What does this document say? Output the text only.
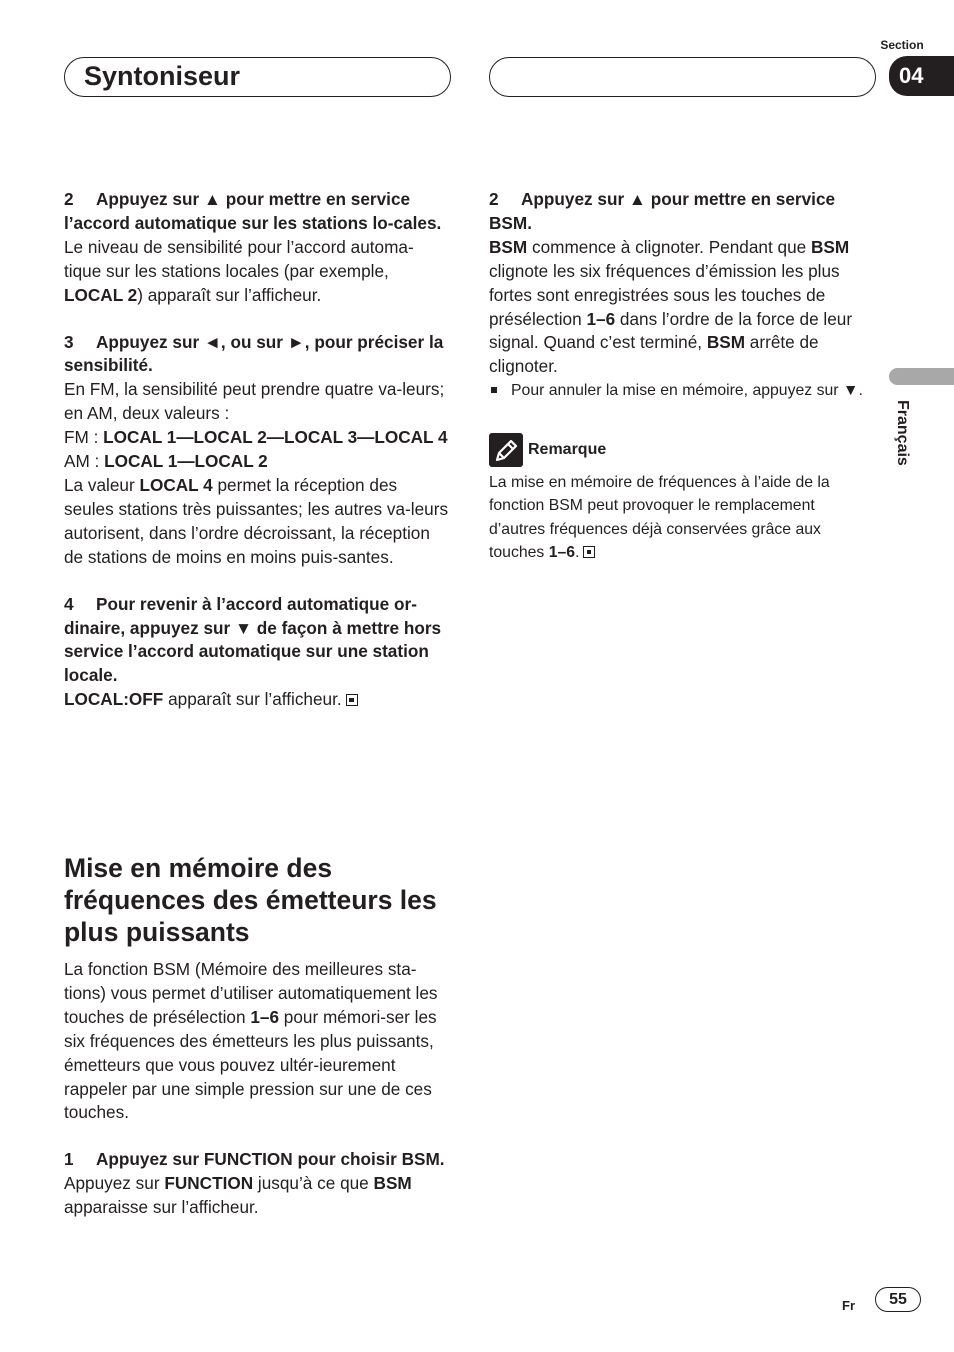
Syntoniseur
Section
04
Français

2 Appuyez sur ▲ pour mettre en service l’accord automatique sur les stations lo-cales.

Le niveau de sensibilité pour l’accord automa-tique sur les stations locales (par exemple, LOCAL 2) apparaît sur l’afficheur.

3 Appuyez sur ◄, ou sur ►, pour préciser la sensibilité.

En FM, la sensibilité peut prendre quatre va-leurs; en AM, deux valeurs :

FM : LOCAL 1—LOCAL 2—LOCAL 3—LOCAL 4

AM : LOCAL 1—LOCAL 2

La valeur LOCAL 4 permet la réception des seules stations très puissantes; les autres va-leurs autorisent, dans l’ordre décroissant, la réception de stations de moins en moins puis-santes.

4 Pour revenir à l’accord automatique or-dinaire, appuyez sur ▼ de façon à mettre hors service l’accord automatique sur une station locale.

LOCAL:OFF apparaît sur l’afficheur.

Mise en mémoire des fréquences des émetteurs les plus puissants

La fonction BSM (Mémoire des meilleures sta-tions) vous permet d’utiliser automatiquement les touches de présélection 1–6 pour mémori-ser les six fréquences des émetteurs les plus puissants, émetteurs que vous pouvez ultér-ieurement rappeler par une simple pression sur une de ces touches.

1 Appuyez sur FUNCTION pour choisir BSM.

Appuyez sur FUNCTION jusqu’à ce que BSM apparaisse sur l’afficheur.

2 Appuyez sur ▲ pour mettre en service BSM.

BSM commence à clignoter. Pendant que BSM clignote les six fréquences d’émission les plus fortes sont enregistrées sous les touches de présélection 1–6 dans l’ordre de la force de leur signal. Quand c’est terminé, BSM arrête de clignoter.

Pour annuler la mise en mémoire, appuyez sur ▼.

Remarque

La mise en mémoire de fréquences à l’aide de la fonction BSM peut provoquer le remplacement d’autres fréquences déjà conservées grâce aux touches 1–6.

Fr	55
